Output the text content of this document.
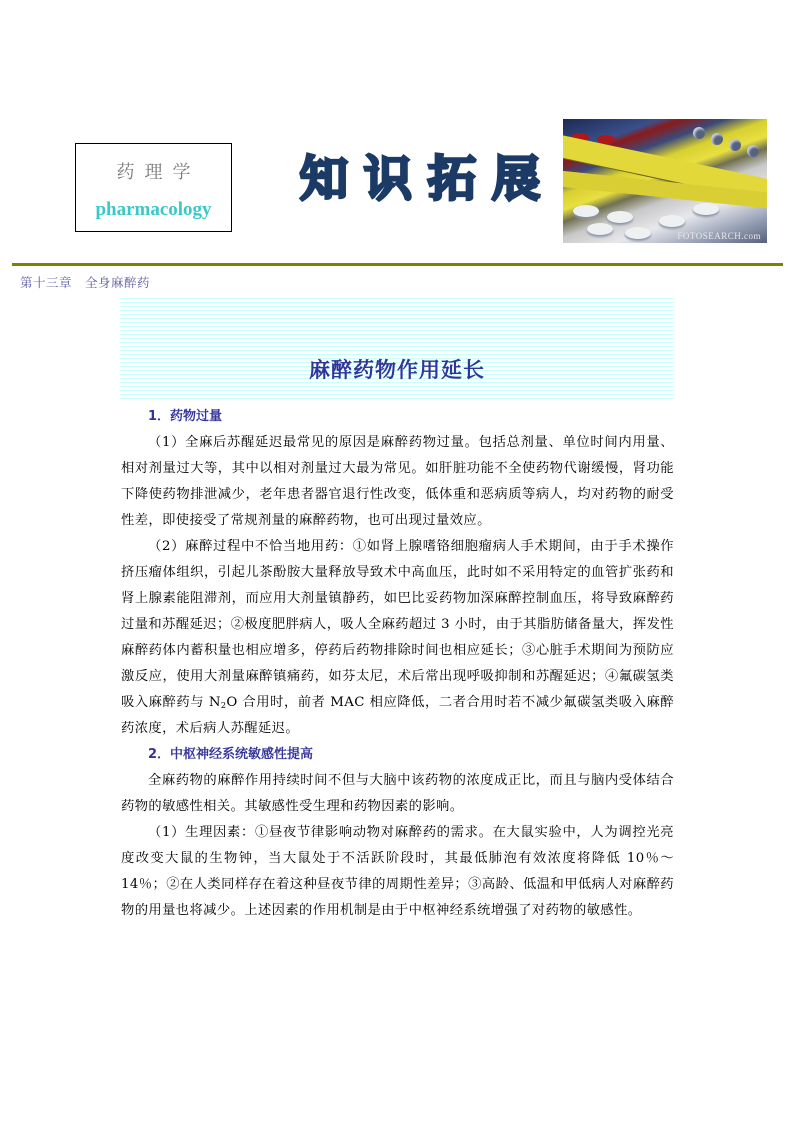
药理学
pharmacology
知 识 拓 展
FOTOSEARCH.com
第十三章　全身麻醉药
麻醉药物作用延长

1．药物过量

（1）全麻后苏醒延迟最常见的原因是麻醉药物过量。包括总剂量、单位时间内用量、相对剂量过大等，其中以相对剂量过大最为常见。如肝脏功能不全使药物代谢缓慢，肾功能下降使药物排泄减少，老年患者器官退行性改变，低体重和恶病质等病人，均对药物的耐受性差，即使接受了常规剂量的麻醉药物，也可出现过量效应。

（2）麻醉过程中不恰当地用药：①如肾上腺嗜铬细胞瘤病人手术期间，由于手术操作挤压瘤体组织，引起儿茶酚胺大量释放导致术中高血压，此时如不采用特定的血管扩张药和肾上腺素能阻滞剂，而应用大剂量镇静药，如巴比妥药物加深麻醉控制血压，将导致麻醉药过量和苏醒延迟；②极度肥胖病人，吸人全麻药超过 3 小时，由于其脂肪储备量大，挥发性麻醉药体内蓄积量也相应增多，停药后药物排除时间也相应延长；③心脏手术期间为预防应激反应，使用大剂量麻醉镇痛药，如芬太尼，术后常出现呼吸抑制和苏醒延迟；④氟碳氢类吸入麻醉药与 $N_2O$ 合用时，前者 MAC 相应降低，二者合用时若不减少氟碳氢类吸入麻醉药浓度，术后病人苏醒延迟。

2．中枢神经系统敏感性提高

全麻药物的麻醉作用持续时间不但与大脑中该药物的浓度成正比，而且与脑内受体结合药物的敏感性相关。其敏感性受生理和药物因素的影响。

（1）生理因素：①昼夜节律影响动物对麻醉药的需求。在大鼠实验中，人为调控光亮度改变大鼠的生物钟，当大鼠处于不活跃阶段时，其最低肺泡有效浓度将降低 10％～14％；②在人类同样存在着这种昼夜节律的周期性差异；③高龄、低温和甲低病人对麻醉药物的用量也将减少。上述因素的作用机制是由于中枢神经系统增强了对药物的敏感性。
